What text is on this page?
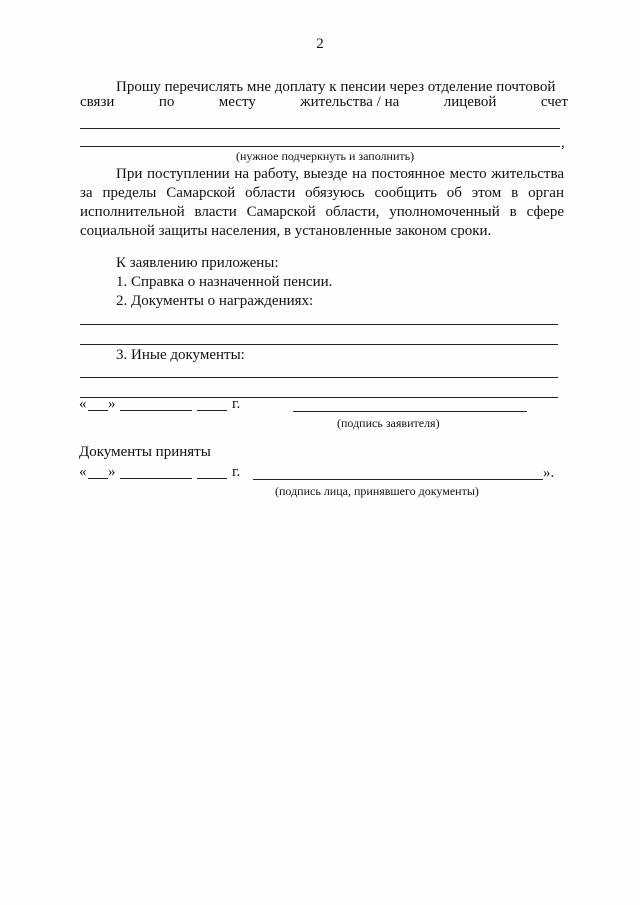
2
Прошу перечислять мне доплату к пенсии через отделение почтовой
связи	по	месту	жительства / на	лицевой	счет
,
(нужное подчеркнуть и заполнить)
При поступлении на работу, выезде на постоянное место жительства за пределы Самарской области обязуюсь сообщить об этом в орган исполнительной власти Самарской области, уполномоченный в сфере социальной защиты населения, в установленные законом сроки.
К заявлению приложены:
1. Справка о назначенной пенсии.
2. Документы о награждениях:
3. Иные документы:
« »	г.
(подпись заявителя)
Документы приняты
« »	г.	».
(подпись лица, принявшего документы)
